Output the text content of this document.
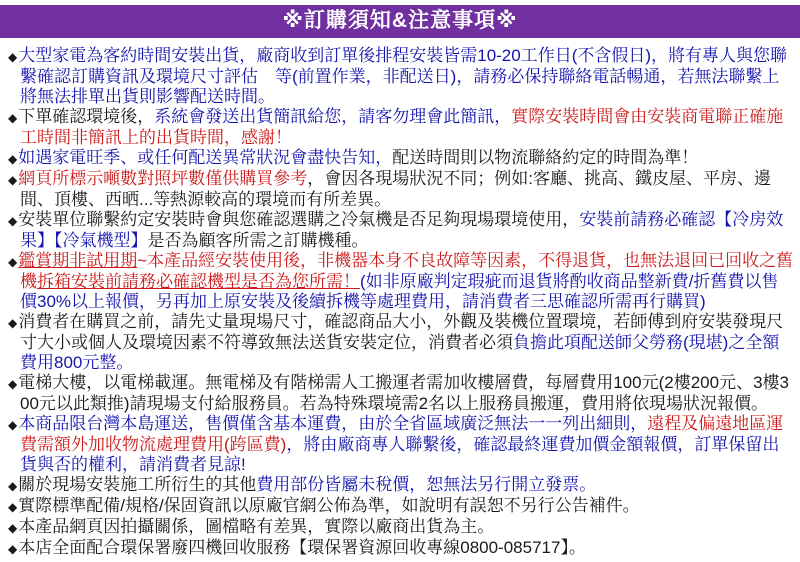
※訂購須知&注意事項※

◆大型家電為客約時間安裝出貨，廠商收到訂單後排程安裝皆需10-20工作日(不含假日)，將有專人與您聯繫確認訂購資訊及環境尺寸評估　等(前置作業，非配送日)，請務必保持聯絡電話暢通，若無法聯繫上 將無法排單出貨則影響配送時間。

◆下單確認環境後，系統會發送出貨簡訊給您，請客勿理會此簡訊，實際安裝時間會由安裝商電聯正確施工時間非簡訊上的出貨時間，感謝！

◆如遇家電旺季、或任何配送異常狀況會盡快告知，配送時間則以物流聯絡約定的時間為準！

◆網頁所標示噸數對照坪數僅供購買參考，會因各現場狀況不同；例如:客廳、挑高、鐵皮屋、平房、邊間、頂樓、西晒...等熱源較高的環境而有所差異。

◆安裝單位聯繫約定安裝時會與您確認選購之冷氣機是否足夠現場環境使用，安裝前請務必確認【冷房效果】【冷氣機型】是否為顧客所需之訂購機種。

◆鑑賞期非試用期~本產品經安裝使用後，非機器本身不良故障等因素，不得退貨，也無法退回已回收之舊機拆箱安裝前請務必確認機型是否為您所需！(如非原廠判定瑕疵而退貨將酌收商品整新費/折舊費以售價30%以上報價，另再加上原安裝及後續拆機等處理費用，請消費者三思確認所需再行購買)

◆消費者在購買之前，請先丈量現場尺寸，確認商品大小，外觀及裝機位置環境，若師傅到府安裝發現尺寸大小或個人及環境因素不符導致無法送貨安裝定位，消費者必須負擔此項配送師父勞務(現堪)之全額費用800元整。

◆電梯大樓，以電梯載運。無電梯及有階梯需人工搬運者需加收樓層費，每層費用100元(2樓200元、3樓300元以此類推)請現場支付給服務員。若為特殊環境需2名以上服務員搬運，費用將依現場狀況報價。

◆本商品限台灣本島運送，售價僅含基本運費，由於全省區域廣泛無法一一列出細則，遠程及偏遠地區運費需額外加收物流處理費用(跨區費)，將由廠商專人聯繫後，確認最終運費加價金額報價，訂單保留出貨與否的權利，請消費者見諒!

◆關於現場安裝施工所衍生的其他費用部份皆屬未稅價，恕無法另行開立發票。

◆實際標準配備/規格/保固資訊以原廠官網公佈為準，如說明有誤恕不另行公告補件。

◆本產品網頁因拍攝關係，圖檔略有差異，實際以廠商出貨為主。

◆本店全面配合環保署廢四機回收服務【環保署資源回收專線0800-085717】。
